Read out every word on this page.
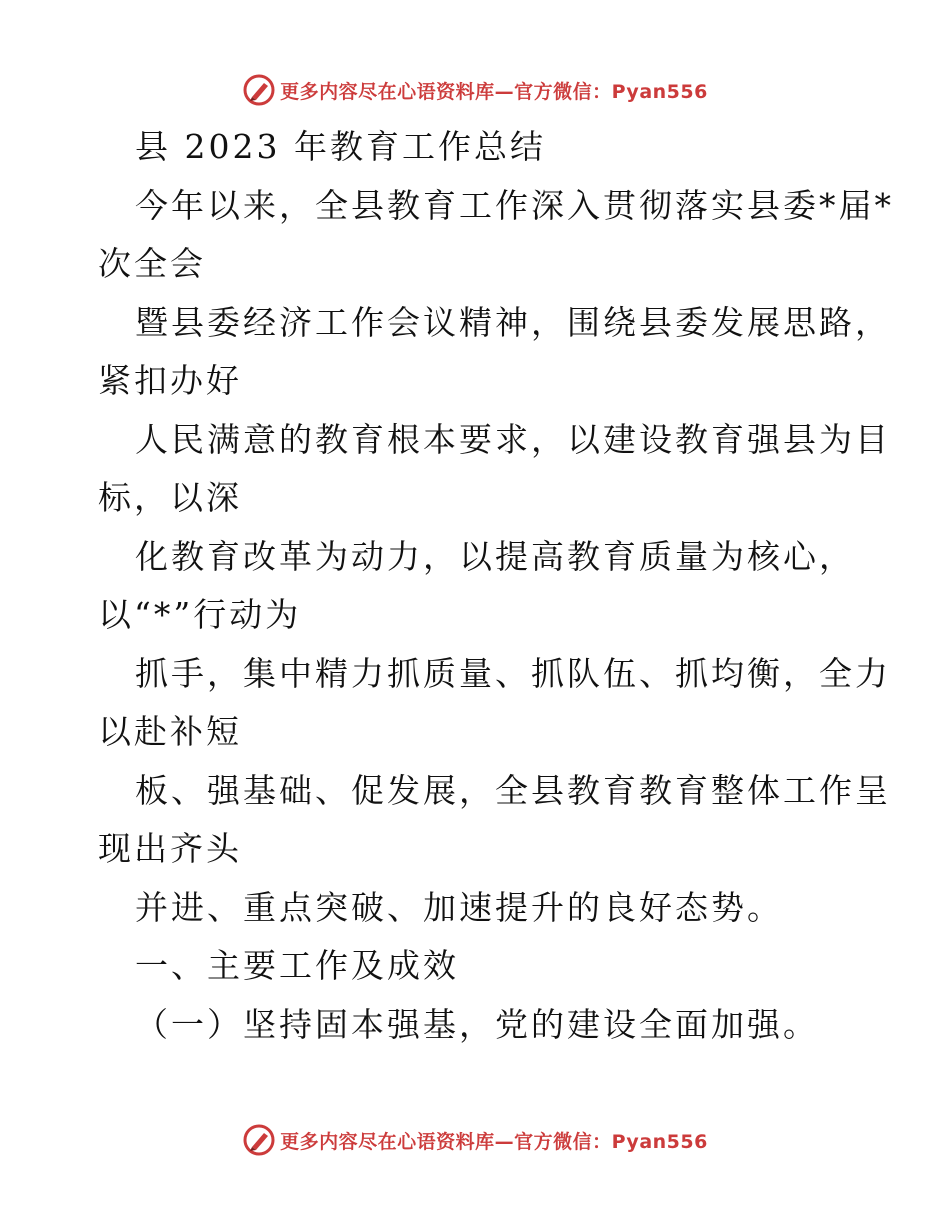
更多内容尽在心语资料库—官方微信：Pyan556
县 2023 年教育工作总结
今年以来，全县教育工作深入贯彻落实县委*届*
次全会
暨县委经济工作会议精神，围绕县委发展思路，
紧扣办好
人民满意的教育根本要求，以建设教育强县为目
标，以深
化教育改革为动力，以提高教育质量为核心，
以“*”行动为
抓手，集中精力抓质量、抓队伍、抓均衡，全力
以赴补短
板、强基础、促发展，全县教育教育整体工作呈
现出齐头
并进、重点突破、加速提升的良好态势。
一、主要工作及成效
（一）坚持固本强基，党的建设全面加强。
更多内容尽在心语资料库—官方微信：Pyan556
